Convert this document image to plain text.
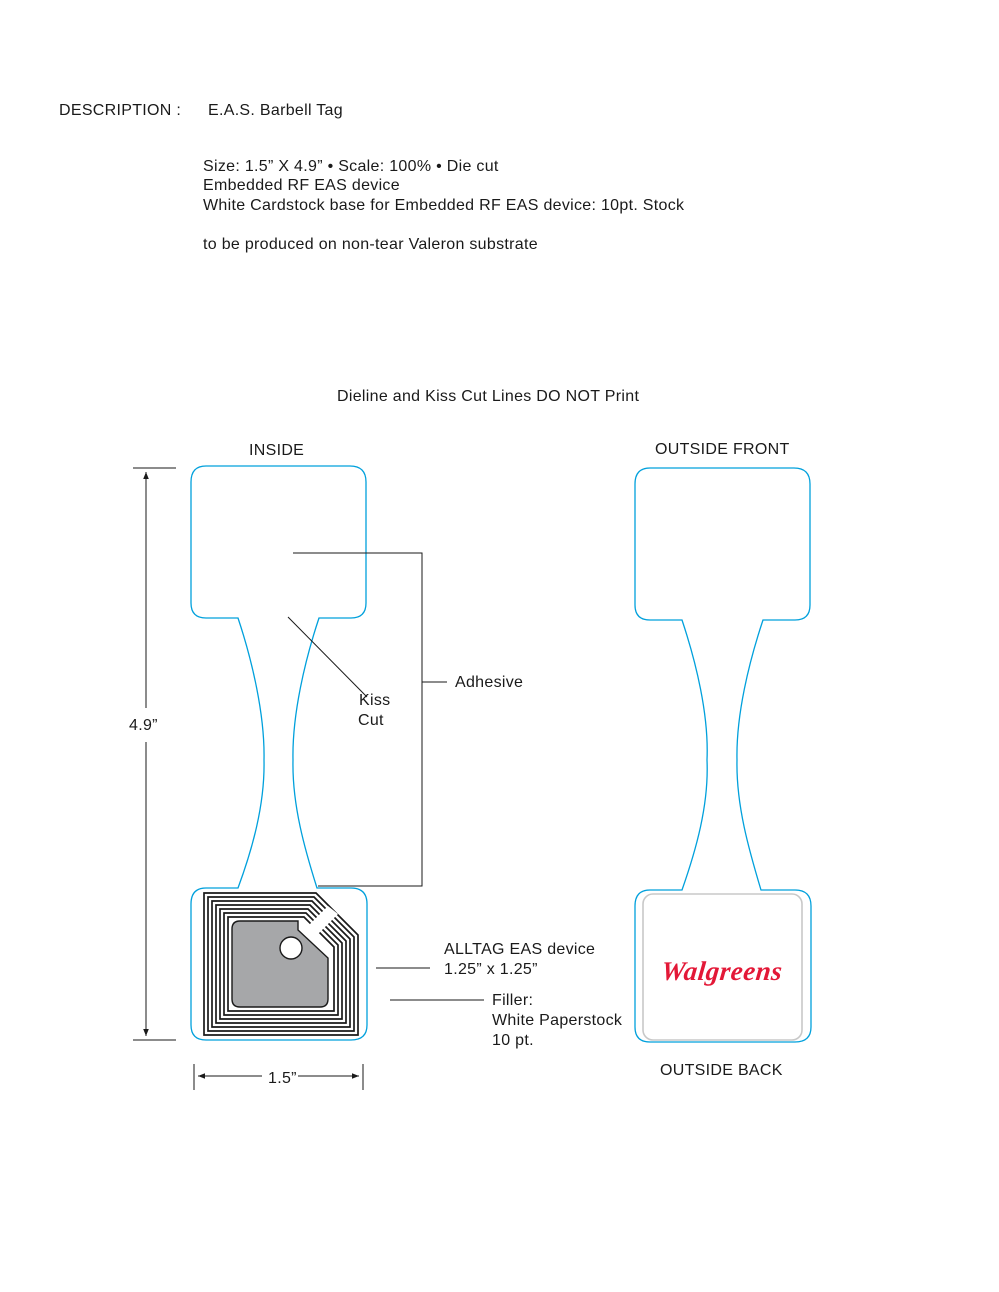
DESCRIPTION : E.A.S. Barbell Tag
Size: 1.5” X 4.9” • Scale: 100% • Die cut
Embedded RF EAS device
White Cardstock base for Embedded RF EAS device: 10pt. Stock
to be produced on non-tear Valeron substrate
Dieline and Kiss Cut Lines DO NOT Print
INSIDE	OUTSIDE FRONT
OUTSIDE BACK
4.9”
1.5”
Kiss
Cut
Adhesive
ALLTAG EAS device
1.25” x 1.25”
Filler:
White Paperstock
10 pt.
Walgreens
